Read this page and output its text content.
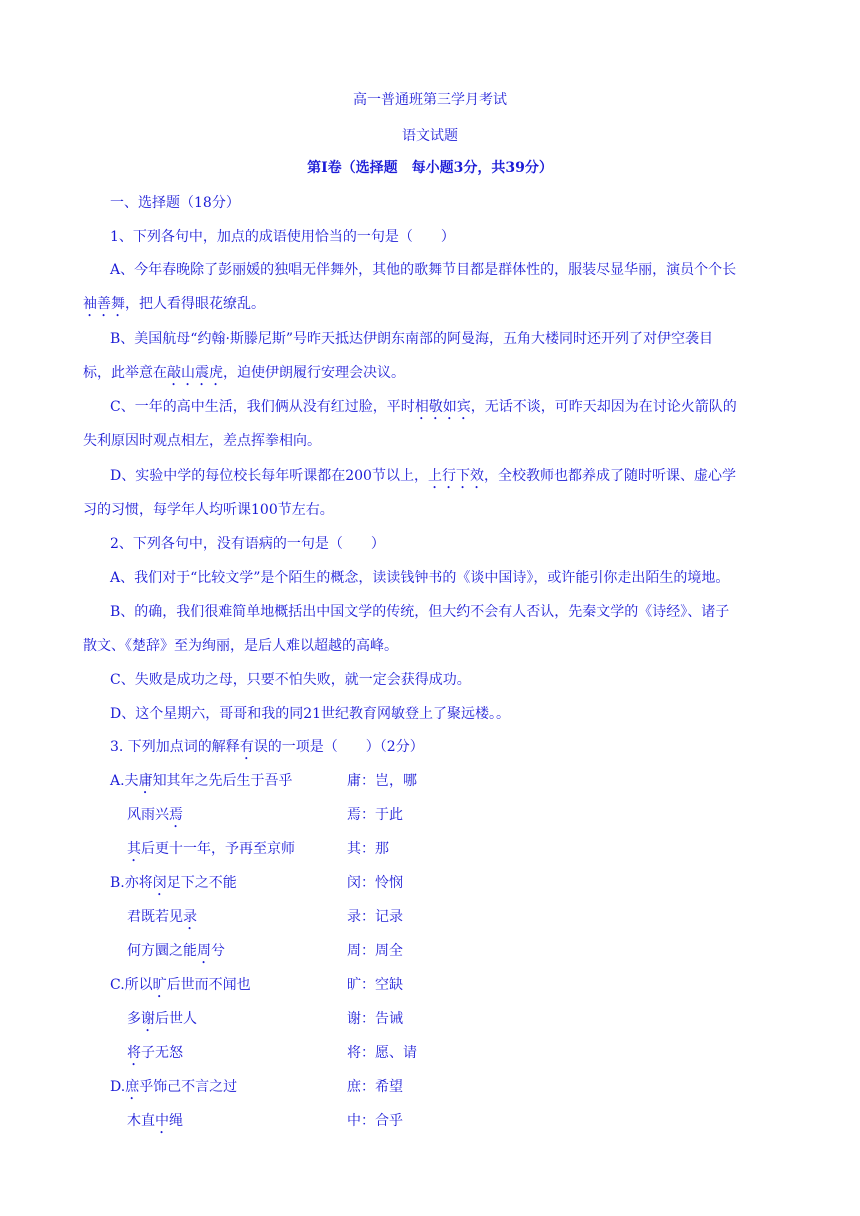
高一普通班第三学月考试
语文试题
第Ⅰ卷（选择题　每小题3分，共39分）
一、选择题（18分）
1、下列各句中，加点的成语使用恰当的一句是（　　）
A、今年春晚除了彭丽媛的独唱无伴舞外，其他的歌舞节目都是群体性的，服装尽显华丽，演员个个长
袖善舞，把人看得眼花缭乱。
B、美国航母“约翰·斯滕尼斯”号昨天抵达伊朗东南部的阿曼海，五角大楼同时还开列了对伊空袭目
标，此举意在敲山震虎，迫使伊朗履行安理会决议。
C、一年的高中生活，我们俩从没有红过脸，平时相敬如宾，无话不谈，可昨天却因为在讨论火箭队的
失利原因时观点相左，差点挥拳相向。
D、实验中学的每位校长每年听课都在200节以上，上行下效，全校教师也都养成了随时听课、虚心学
习的习惯，每学年人均听课100节左右。
2、下列各句中，没有语病的一句是（　　）
A、我们对于“比较文学”是个陌生的概念，读读钱钟书的《谈中国诗》，或许能引你走出陌生的境地。
B、的确，我们很难简单地概括出中国文学的传统，但大约不会有人否认，先秦文学的《诗经》、诸子
散文、《楚辞》至为绚丽，是后人难以超越的高峰。
C、失败是成功之母，只要不怕失败，就一定会获得成功。
D、这个星期六，哥哥和我的同21世纪教育网敏登上了聚远楼。。
3. 下列加点词的解释有误的一项是（　　）（2分）
A.夫庸知其年之先后生于吾乎	庸：岂，哪
风雨兴焉	焉：于此
其后更十一年，予再至京师	其：那
B.亦将闵足下之不能	闵：怜悯
君既若见录	录：记录
何方圜之能周兮	周：周全
C.所以旷后世而不闻也	旷：空缺
多谢后世人	谢：告诫
将子无怒	将：愿、请
D.庶乎饰己不言之过	庶：希望
木直中绳	中：合乎
